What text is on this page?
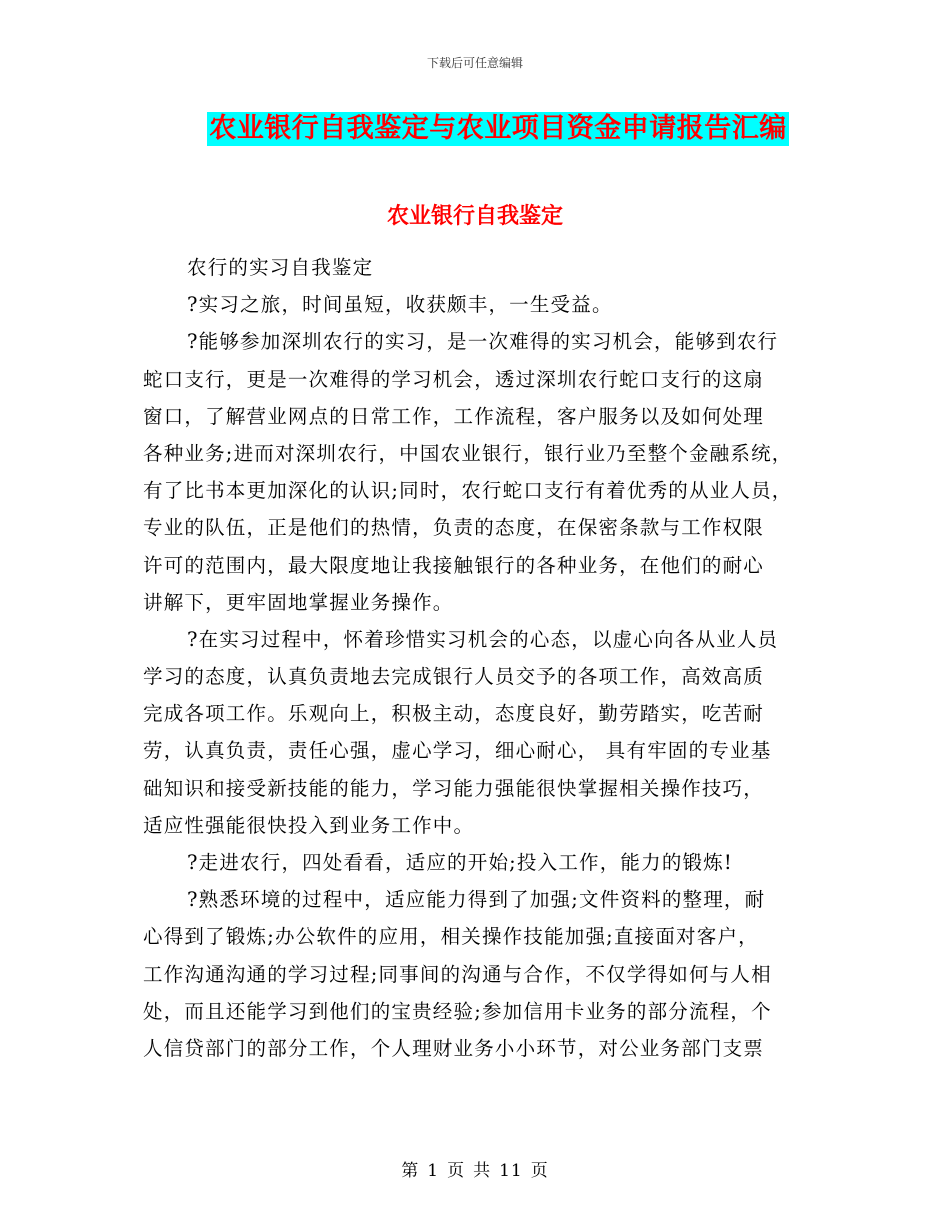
下载后可任意编辑
农业银行自我鉴定与农业项目资金申请报告汇编
农业银行自我鉴定
农行的实习自我鉴定
?实习之旅，时间虽短，收获颇丰，一生受益。
?能够参加深圳农行的实习，是一次难得的实习机会，能够到农行
蛇口支行，更是一次难得的学习机会，透过深圳农行蛇口支行的这扇
窗口，了解营业网点的日常工作，工作流程，客户服务以及如何处理
各种业务;进而对深圳农行，中国农业银行，银行业乃至整个金融系统，
有了比书本更加深化的认识;同时，农行蛇口支行有着优秀的从业人员，
专业的队伍，正是他们的热情，负责的态度，在保密条款与工作权限
许可的范围内，最大限度地让我接触银行的各种业务，在他们的耐心
讲解下，更牢固地掌握业务操作。
?在实习过程中，怀着珍惜实习机会的心态，以虚心向各从业人员
学习的态度，认真负责地去完成银行人员交予的各项工作，高效高质
完成各项工作。乐观向上，积极主动，态度良好，勤劳踏实，吃苦耐
劳，认真负责，责任心强，虚心学习，细心耐心， 具有牢固的专业基
础知识和接受新技能的能力，学习能力强能很快掌握相关操作技巧，
适应性强能很快投入到业务工作中。
?走进农行，四处看看，适应的开始;投入工作，能力的锻炼!
?熟悉环境的过程中，适应能力得到了加强;文件资料的整理，耐
心得到了锻炼;办公软件的应用，相关操作技能加强;直接面对客户，
工作沟通沟通的学习过程;同事间的沟通与合作，不仅学得如何与人相
处，而且还能学习到他们的宝贵经验;参加信用卡业务的部分流程，个
人信贷部门的部分工作，个人理财业务小小环节，对公业务部门支票
第 1 页 共 11 页
